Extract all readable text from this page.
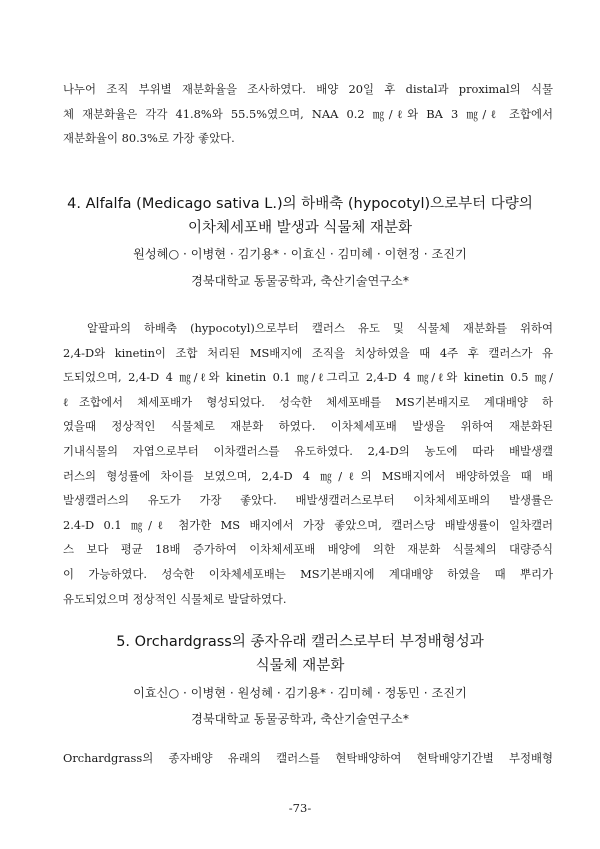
나누어 조직 부위별 재분화율을 조사하였다. 배양 20일 후 distal과 proximal의 식물
체 재분화율은 각각 41.8%와 55.5%였으며, NAA 0.2 ㎎/ℓ와 BA 3 ㎎/ℓ 조합에서
재분화율이 80.3%로 가장 좋았다.
4. Alfalfa (Medicago sativa L.)의 하배축 (hypocotyl)으로부터 다량의
이차체세포배 발생과 식물체 재분화
원성혜○ · 이병현 · 김기용* · 이효신 · 김미혜 · 이현정 · 조진기
경북대학교 동물공학과, 축산기술연구소*
알팔파의 하배축 (hypocotyl)으로부터 캘러스 유도 및 식물체 재분화를 위하여
2,4-D와 kinetin이 조합 처리된 MS배지에 조직을 치상하였을 때 4주 후 캘러스가 유
도되었으며, 2,4-D 4 ㎎/ℓ와 kinetin 0.1 ㎎/ℓ그리고 2,4-D 4 ㎎/ℓ와 kinetin 0.5 ㎎/
ℓ조합에서 체세포배가 형성되었다. 성숙한 체세포배를 MS기본배지로 계대배양 하
였을때 정상적인 식물체로 재분화 하였다. 이차체세포배 발생을 위하여 재분화된
기내식물의 자엽으로부터 이차캘러스를 유도하였다. 2,4-D의 농도에 따라 배발생캘
러스의 형성률에 차이를 보였으며, 2,4-D 4 ㎎/ℓ의 MS배지에서 배양하였을 때 배
발생캘러스의 유도가 가장 좋았다. 배발생캘러스로부터 이차체세포배의 발생률은
2.4-D 0.1 ㎎/ℓ 첨가한 MS 배지에서 가장 좋았으며, 캘러스당 배발생률이 일차캘러
스 보다 평균 18배 증가하여 이차체세포배 배양에 의한 재분화 식물체의 대량증식
이 가능하였다. 성숙한 이차체세포배는 MS기본배지에 계대배양 하였을 때 뿌리가
유도되었으며 정상적인 식물체로 발달하였다.
5. Orchardgrass의 종자유래 캘러스로부터 부정배형성과
식물체 재분화
이효신○ · 이병현 · 원성혜 · 김기용* · 김미혜 · 정동민 · 조진기
경북대학교 동물공학과, 축산기술연구소*
Orchardgrass의 종자배양 유래의 캘러스를 현탁배양하여 현탁배양기간별 부정배형
-73-
